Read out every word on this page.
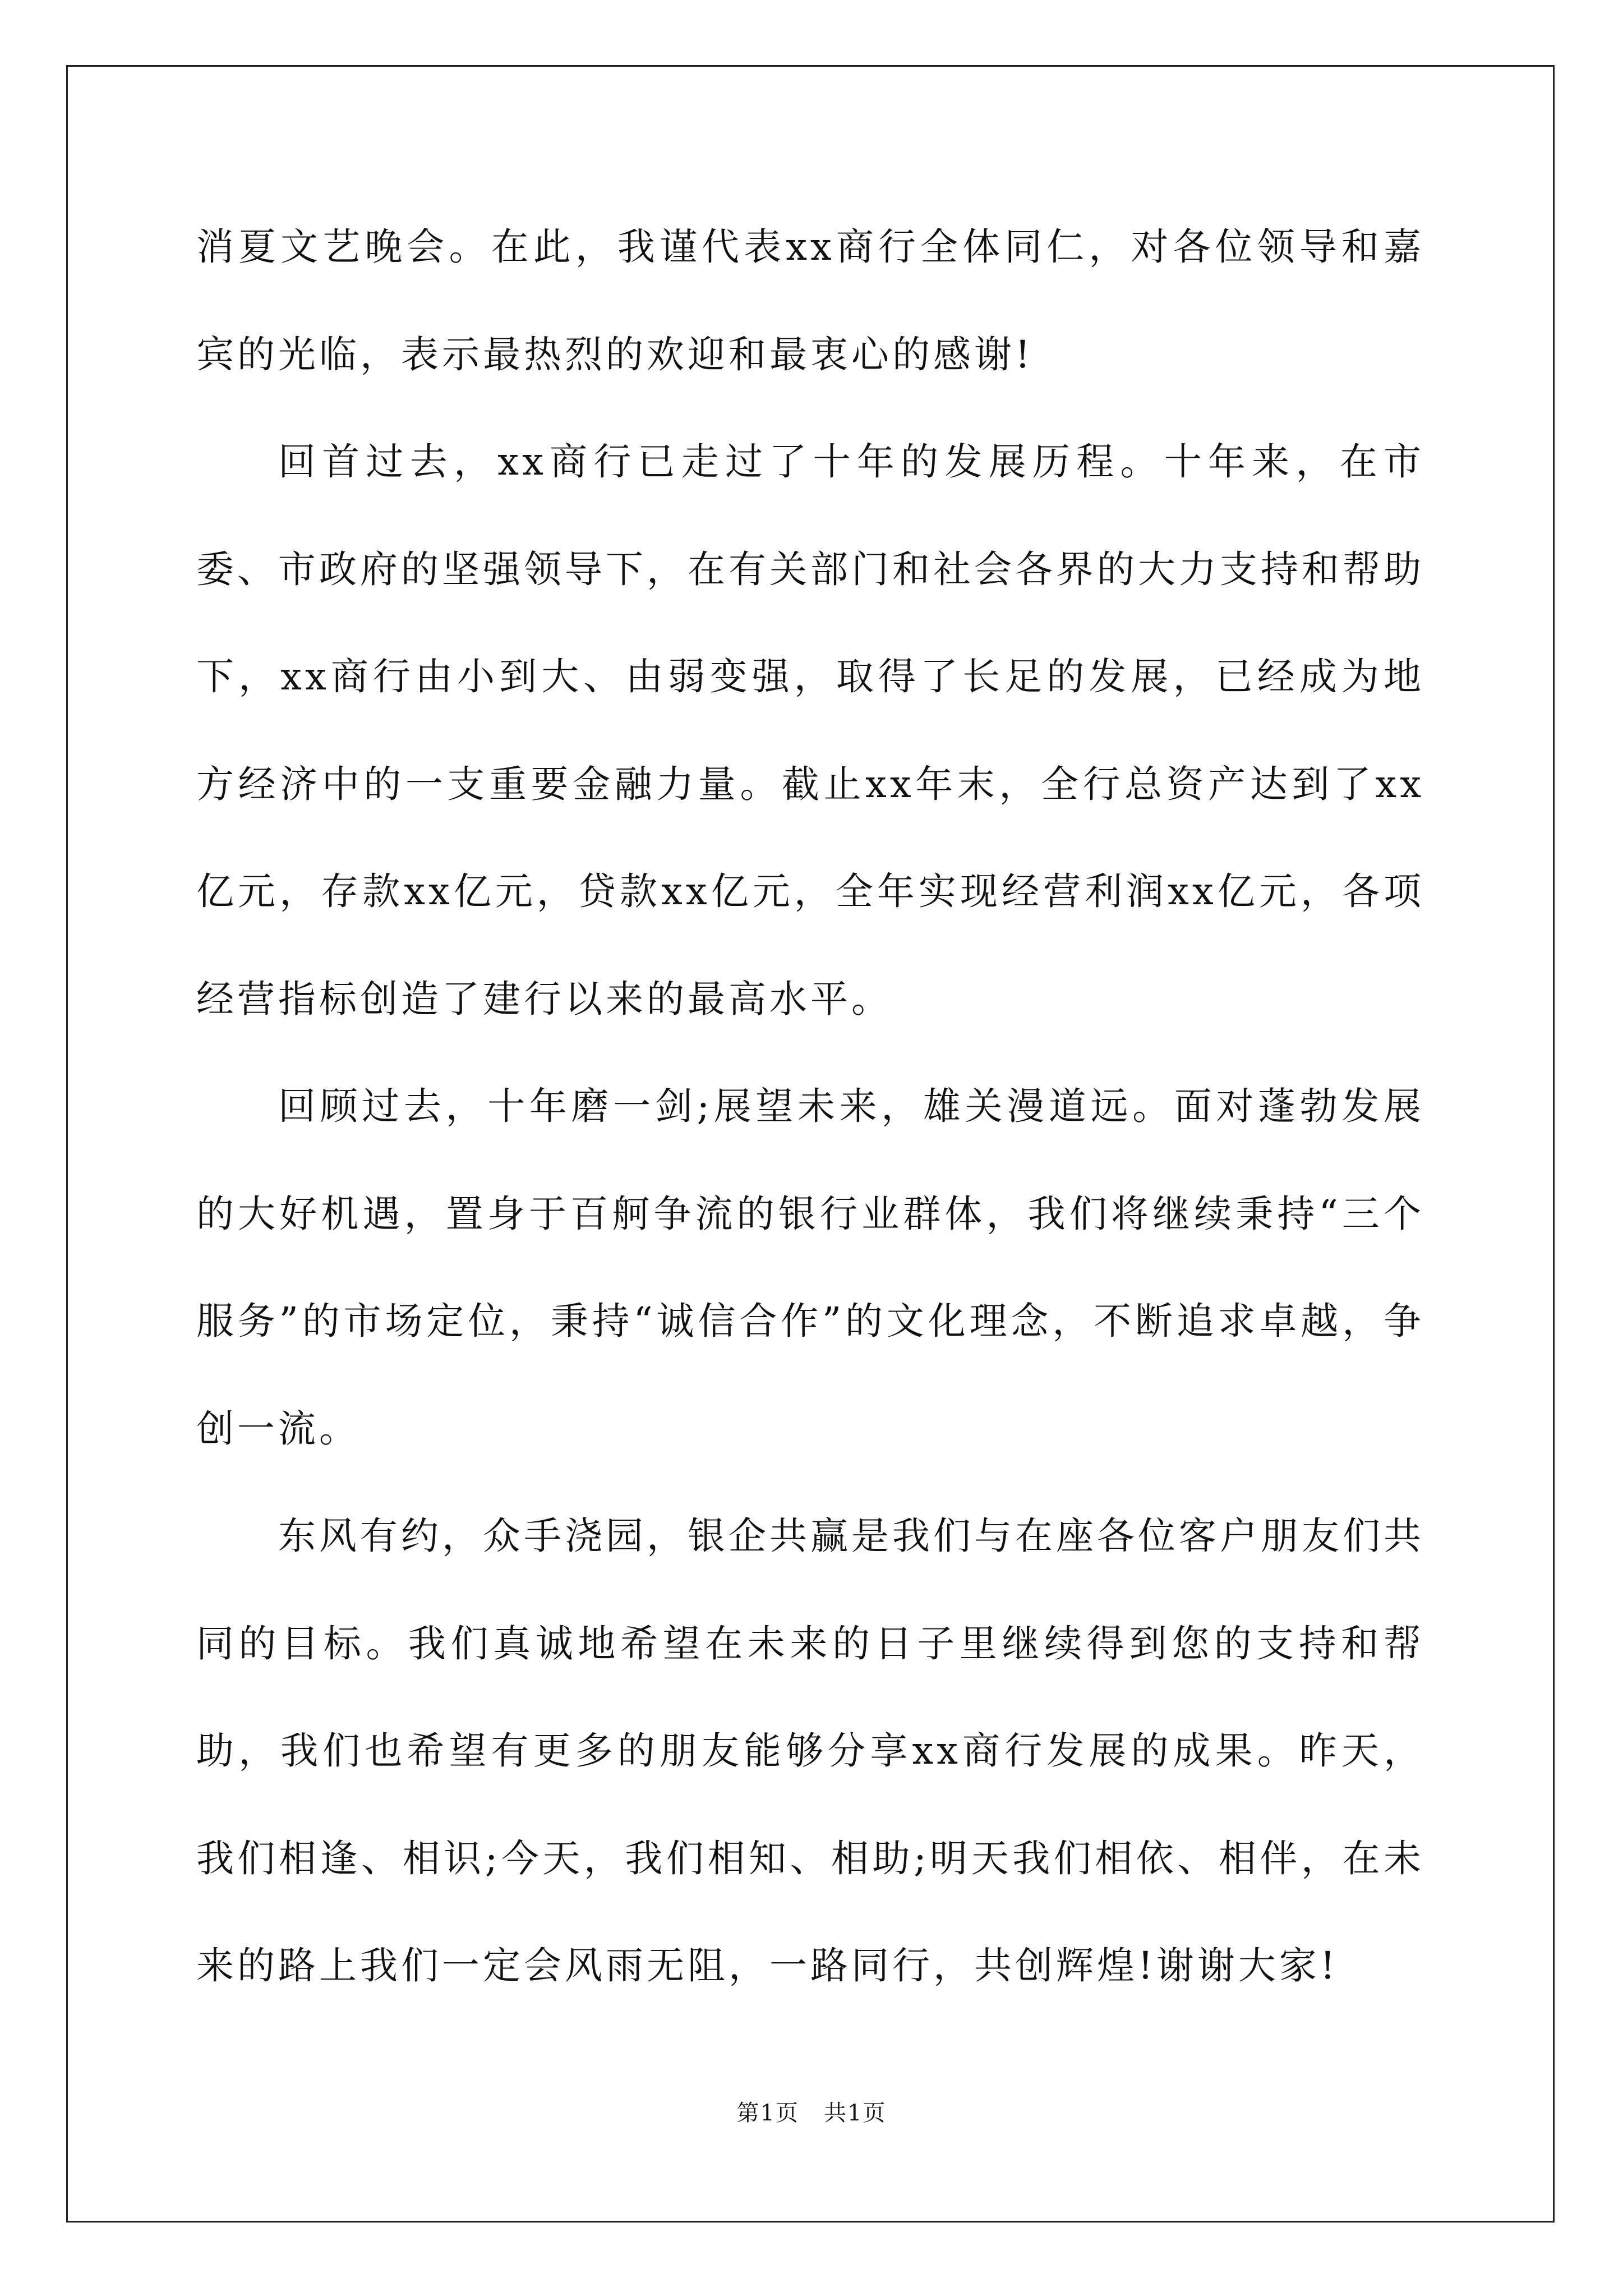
消夏文艺晚会。在此，我谨代表xx商行全体同仁，对各位领导和嘉宾的光临，表示最热烈的欢迎和最衷心的感谢!

回首过去，xx商行已走过了十年的发展历程。十年来，在市委、市政府的坚强领导下，在有关部门和社会各界的大力支持和帮助下，xx商行由小到大、由弱变强，取得了长足的发展，已经成为地方经济中的一支重要金融力量。截止xx年末，全行总资产达到了xx亿元，存款xx亿元，贷款xx亿元，全年实现经营利润xx亿元，各项经营指标创造了建行以来的最高水平。

回顾过去，十年磨一剑;展望未来，雄关漫道远。面对蓬勃发展的大好机遇，置身于百舸争流的银行业群体，我们将继续秉持“三个服务”的市场定位，秉持“诚信合作”的文化理念，不断追求卓越，争创一流。

东风有约，众手浇园，银企共赢是我们与在座各位客户朋友们共同的目标。我们真诚地希望在未来的日子里继续得到您的支持和帮助，我们也希望有更多的朋友能够分享xx商行发展的成果。昨天，我们相逢、相识;今天，我们相知、相助;明天我们相依、相伴，在未来的路上我们一定会风雨无阻，一路同行，共创辉煌!谢谢大家!

第1页 共1页
